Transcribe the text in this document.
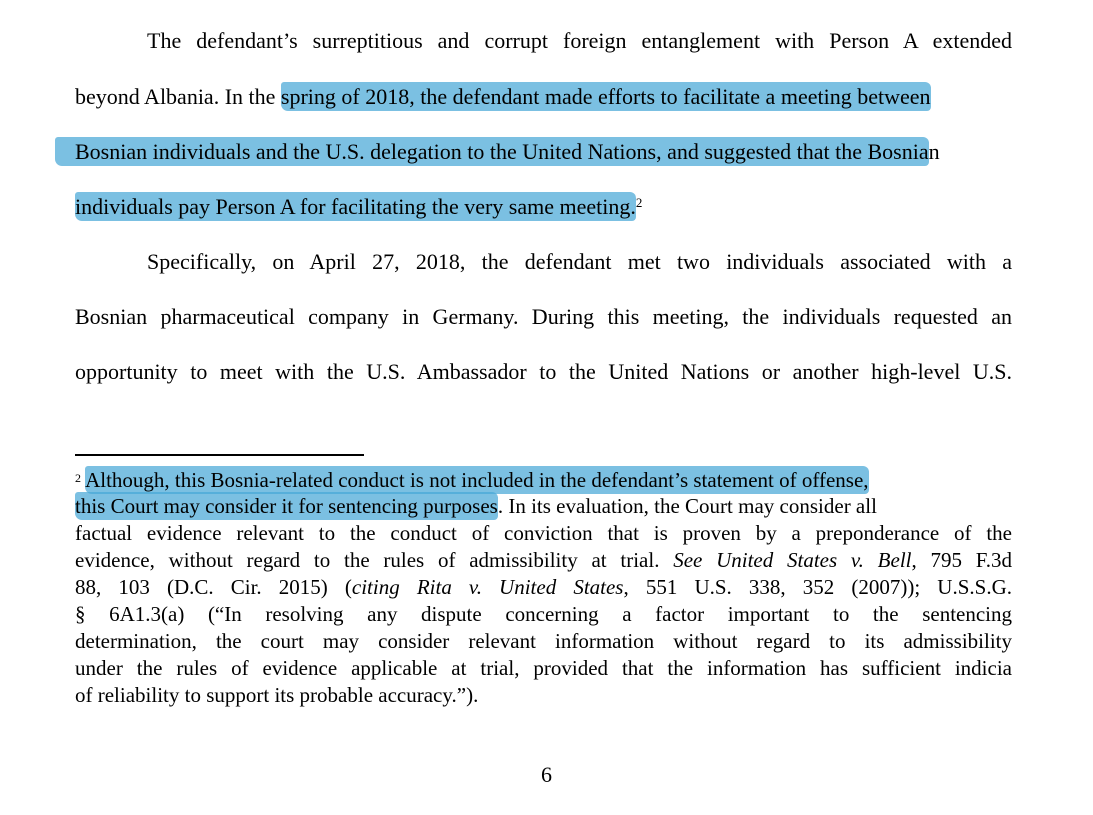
The defendant’s surreptitious and corrupt foreign entanglement with Person A extended
beyond Albania. In the spring of 2018, the defendant made efforts to facilitate a meeting between
Bosnian individuals and the U.S. delegation to the United Nations, and suggested that the Bosnian
individuals pay Person A for facilitating the very same meeting.$^2$
Specifically, on April 27, 2018, the defendant met two individuals associated with a
Bosnian pharmaceutical company in Germany. During this meeting, the individuals requested an
opportunity to meet with the U.S. Ambassador to the United Nations or another high-level U.S.
$^2$ Although, this Bosnia-related conduct is not included in the defendant’s statement of offense,
this Court may consider it for sentencing purposes. In its evaluation, the Court may consider all
factual evidence relevant to the conduct of conviction that is proven by a preponderance of the
evidence, without regard to the rules of admissibility at trial. See United States v. Bell, 795 F.3d
88, 103 (D.C. Cir. 2015) (citing Rita v. United States, 551 U.S. 338, 352 (2007)); U.S.S.G.
§ 6A1.3(a) (“In resolving any dispute concerning a factor important to the sentencing
determination, the court may consider relevant information without regard to its admissibility
under the rules of evidence applicable at trial, provided that the information has sufficient indicia
of reliability to support its probable accuracy.”).
6
